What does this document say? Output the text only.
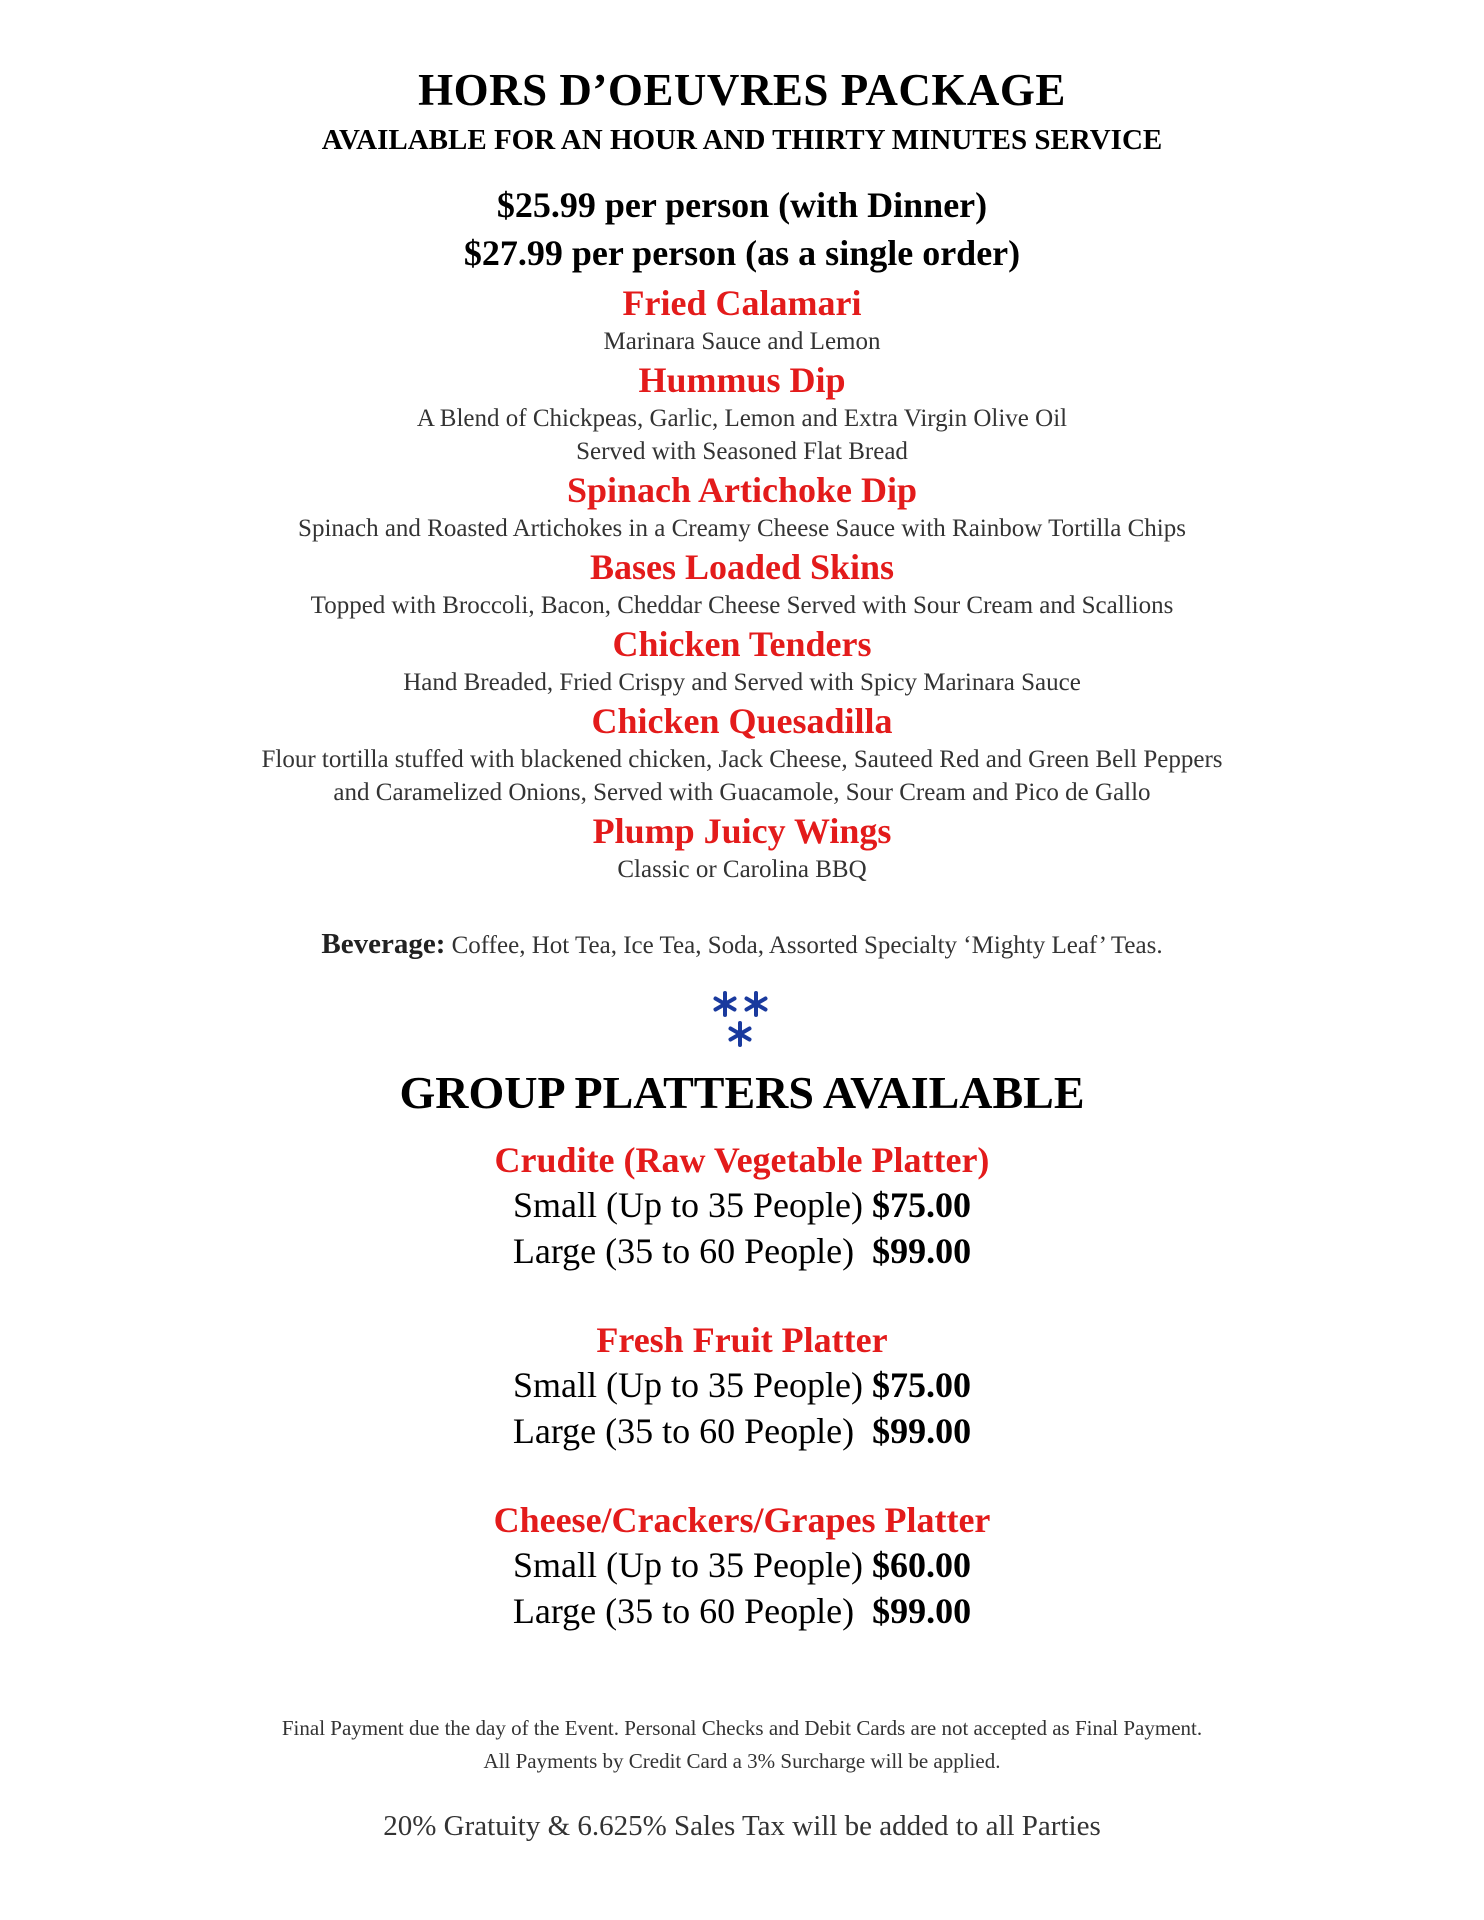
HORS D’OEUVRES PACKAGE
AVAILABLE FOR AN HOUR AND THIRTY MINUTES SERVICE
$25.99 per person (with Dinner)
$27.99 per person (as a single order)
Fried Calamari
Marinara Sauce and Lemon
Hummus Dip
A Blend of Chickpeas, Garlic, Lemon and Extra Virgin Olive Oil
Served with Seasoned Flat Bread
Spinach Artichoke Dip
Spinach and Roasted Artichokes in a Creamy Cheese Sauce with Rainbow Tortilla Chips
Bases Loaded Skins
Topped with Broccoli, Bacon, Cheddar Cheese Served with Sour Cream and Scallions
Chicken Tenders
Hand Breaded, Fried Crispy and Served with Spicy Marinara Sauce
Chicken Quesadilla
Flour tortilla stuffed with blackened chicken, Jack Cheese, Sauteed Red and Green Bell Peppers
and Caramelized Onions, Served with Guacamole, Sour Cream and Pico de Gallo
Plump Juicy Wings
Classic or Carolina BBQ
Beverage: Coffee, Hot Tea, Ice Tea, Soda, Assorted Specialty ‘Mighty Leaf’ Teas.
GROUP PLATTERS AVAILABLE
Crudite (Raw Vegetable Platter)
Small (Up to 35 People) $75.00
Large (35 to 60 People) $99.00
Fresh Fruit Platter
Small (Up to 35 People) $75.00
Large (35 to 60 People) $99.00
Cheese/Crackers/Grapes Platter
Small (Up to 35 People) $60.00
Large (35 to 60 People) $99.00
Final Payment due the day of the Event. Personal Checks and Debit Cards are not accepted as Final Payment.
All Payments by Credit Card a 3% Surcharge will be applied.
20% Gratuity & 6.625% Sales Tax will be added to all Parties
